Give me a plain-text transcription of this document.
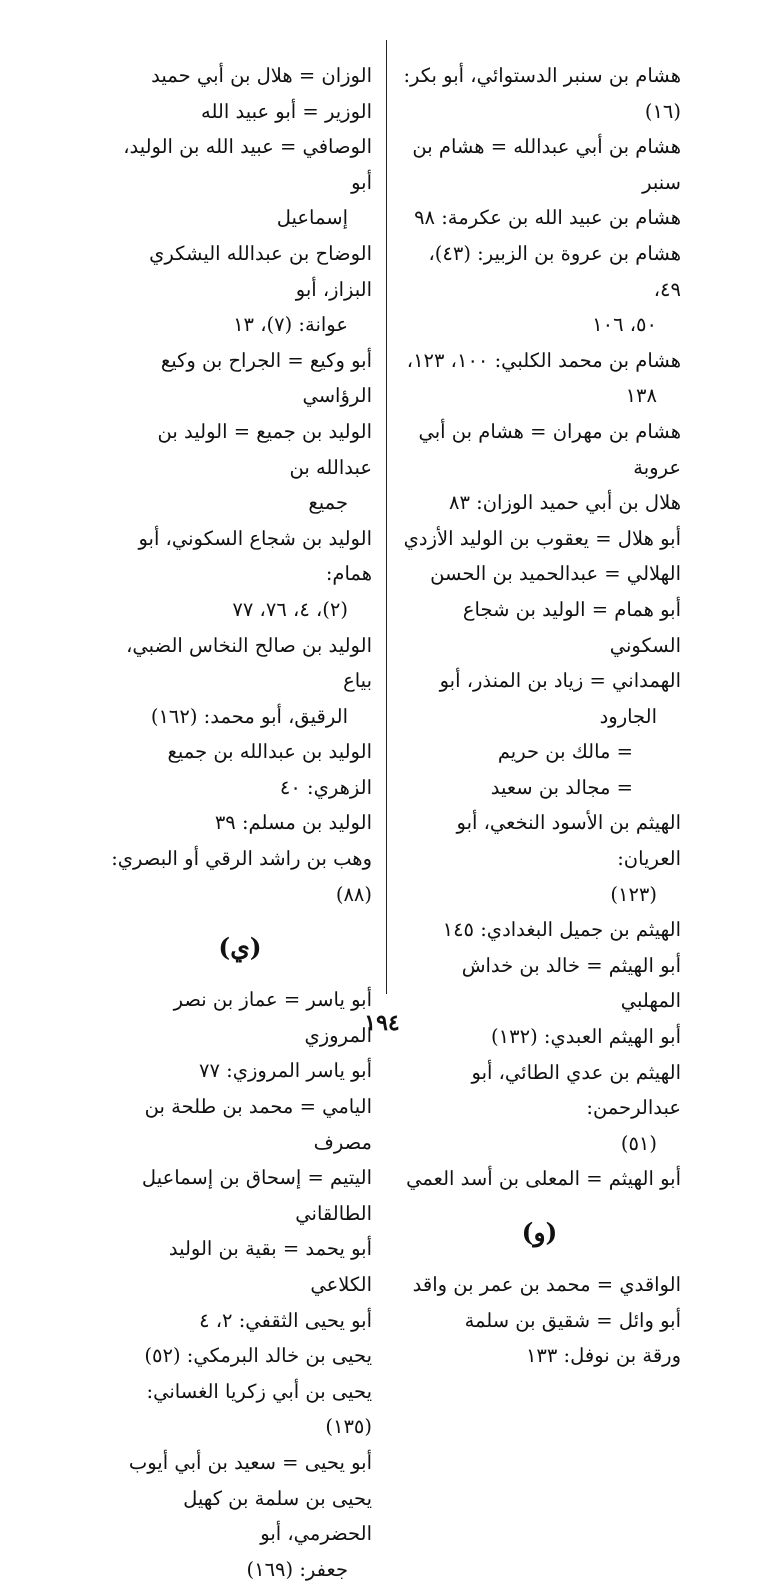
هشام بن سنبر الدستوائي، أبو بكر: (١٦)
هشام بن أبي عبدالله = هشام بن سنبر
هشام بن عبيد الله بن عكرمة: ٩٨
هشام بن عروة بن الزبير: (٤٣)، ٤٩،
٥٠، ١٠٦
هشام بن محمد الكلبي: ١٠٠، ١٢٣،
١٣٨
هشام بن مهران = هشام بن أبي عروبة
هلال بن أبي حميد الوزان: ٨٣
أبو هلال = يعقوب بن الوليد الأزدي
الهلالي = عبدالحميد بن الحسن
أبو همام = الوليد بن شجاع السكوني
الهمداني = زياد بن المنذر، أبو
الجارود
= مالك بن حريم
= مجالد بن سعيد
الهيثم بن الأسود النخعي، أبو العريان:
(١٢٣)
الهيثم بن جميل البغدادي: ١٤٥
أبو الهيثم = خالد بن خداش المهلبي
أبو الهيثم العبدي: (١٣٢)
الهيثم بن عدي الطائي، أبو عبدالرحمن:
(٥١)
أبو الهيثم = المعلى بن أسد العمي
(و)
الواقدي = محمد بن عمر بن واقد
أبو وائل = شقيق بن سلمة
ورقة بن نوفل: ١٣٣
الوزان = هلال بن أبي حميد
الوزير = أبو عبيد الله
الوصافي = عبيد الله بن الوليد، أبو
إسماعيل
الوضاح بن عبدالله اليشكري البزاز، أبو
عوانة: (٧)، ١٣
أبو وكيع = الجراح بن وكيع الرؤاسي
الوليد بن جميع = الوليد بن عبدالله بن
جميع
الوليد بن شجاع السكوني، أبو همام:
(٢)، ٤، ٧٦، ٧٧
الوليد بن صالح النخاس الضبي، بياع
الرقيق، أبو محمد: (١٦٢)
الوليد بن عبدالله بن جميع الزهري: ٤٠
الوليد بن مسلم: ٣٩
وهب بن راشد الرقي أو البصري: (٨٨)
(ي)
أبو ياسر = عماز بن نصر المروزي
أبو ياسر المروزي: ٧٧
اليامي = محمد بن طلحة بن مصرف
اليتيم = إسحاق بن إسماعيل الطالقاني
أبو يحمد = بقية بن الوليد الكلاعي
أبو يحيى الثقفي: ٢، ٤
يحيى بن خالد البرمكي: (٥٢)
يحيى بن أبي زكريا الغساني: (١٣٥)
أبو يحيى = سعيد بن أبي أيوب
يحيى بن سلمة بن كهيل الحضرمي، أبو
جعفر: (١٦٩)
١٩٤
